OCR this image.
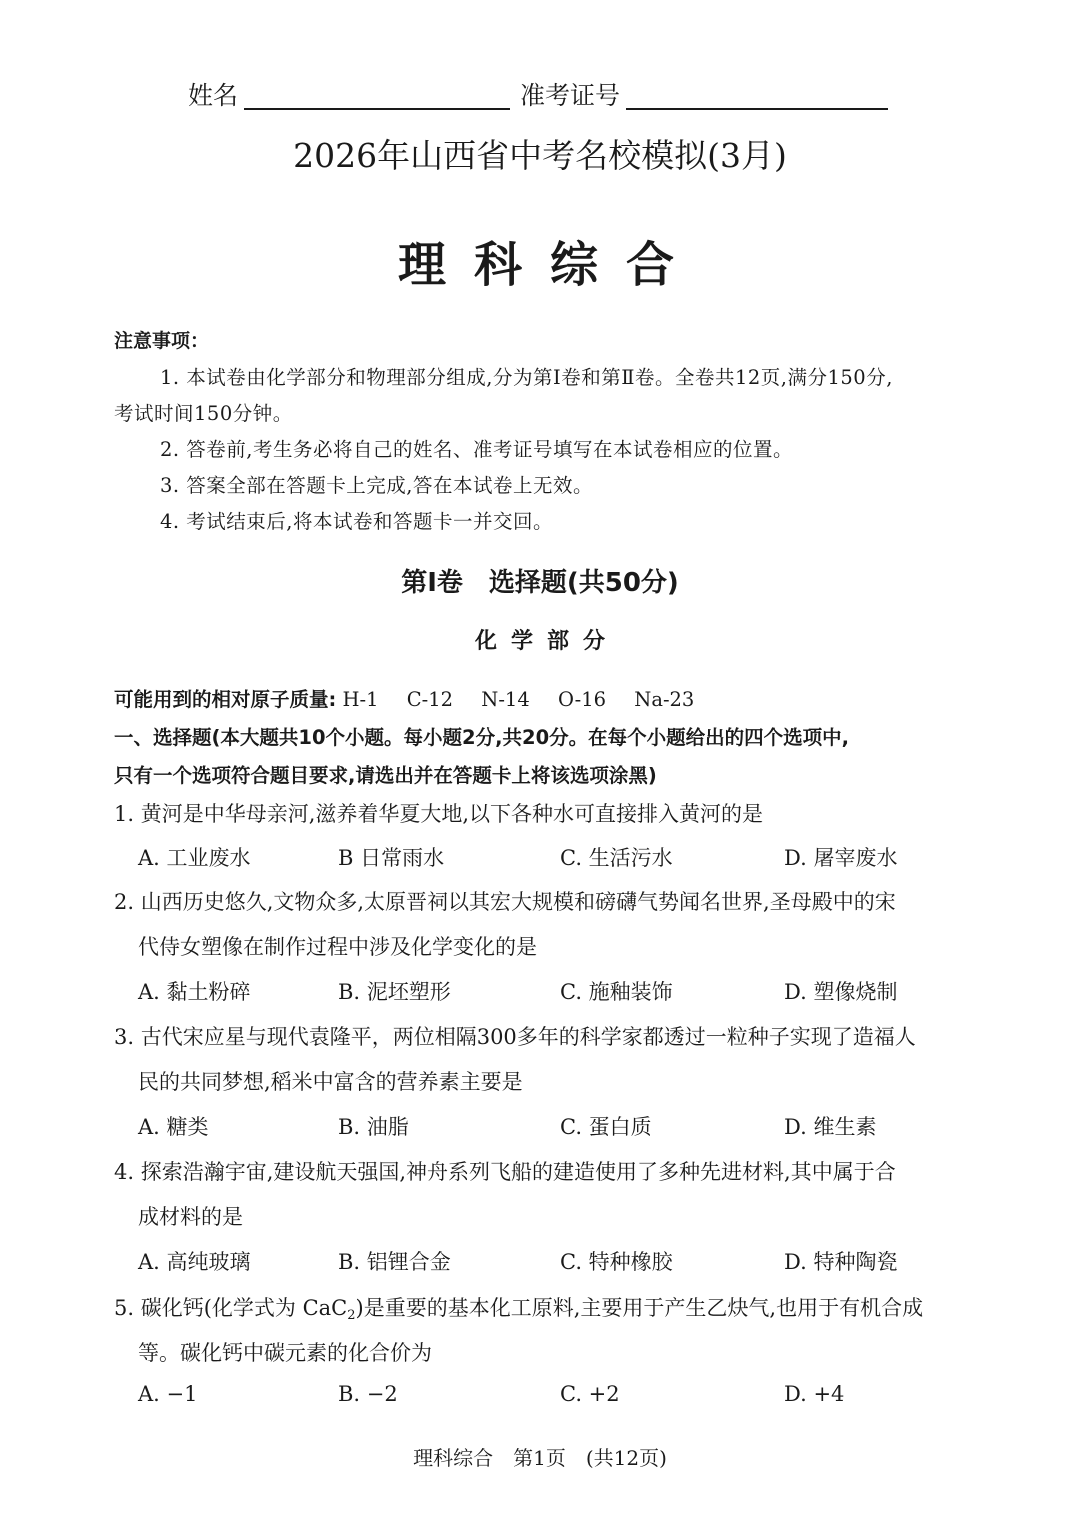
姓名	准考证号
2026年山西省中考名校模拟(3月)
理科综合
注意事项：
1. 本试卷由化学部分和物理部分组成,分为第Ⅰ卷和第Ⅱ卷。全卷共12页,满分150分,
考试时间150分钟。
2. 答卷前,考生务必将自己的姓名、准考证号填写在本试卷相应的位置。
3. 答案全部在答题卡上完成,答在本试卷上无效。
4. 考试结束后,将本试卷和答题卡一并交回。
第Ⅰ卷　选择题(共50分)
化学部分
可能用到的相对原子质量: H-1 C-12 N-14 O-16 Na-23
一、选择题(本大题共10个小题。每小题2分,共20分。在每个小题给出的四个选项中,
只有一个选项符合题目要求,请选出并在答题卡上将该选项涂黑)
1. 黄河是中华母亲河,滋养着华夏大地,以下各种水可直接排入黄河的是
A. 工业废水	B 日常雨水	C. 生活污水	D. 屠宰废水
2. 山西历史悠久,文物众多,太原晋祠以其宏大规模和磅礴气势闻名世界,圣母殿中的宋
代侍女塑像在制作过程中涉及化学变化的是
A. 黏土粉碎	B. 泥坯塑形	C. 施釉装饰	D. 塑像烧制
3. 古代宋应星与现代袁隆平，两位相隔300多年的科学家都透过一粒种子实现了造福人
民的共同梦想,稻米中富含的营养素主要是
A. 糖类	B. 油脂	C. 蛋白质	D. 维生素
4. 探索浩瀚宇宙,建设航天强国,神舟系列飞船的建造使用了多种先进材料,其中属于合
成材料的是
A. 高纯玻璃	B. 铝锂合金	C. 特种橡胶	D. 特种陶瓷
5. 碳化钙(化学式为 CaC$_2$)是重要的基本化工原料,主要用于产生乙炔气,也用于有机合成
等。碳化钙中碳元素的化合价为
A. −1	B. −2	C. +2	D. +4
理科综合　第1页　(共12页)
